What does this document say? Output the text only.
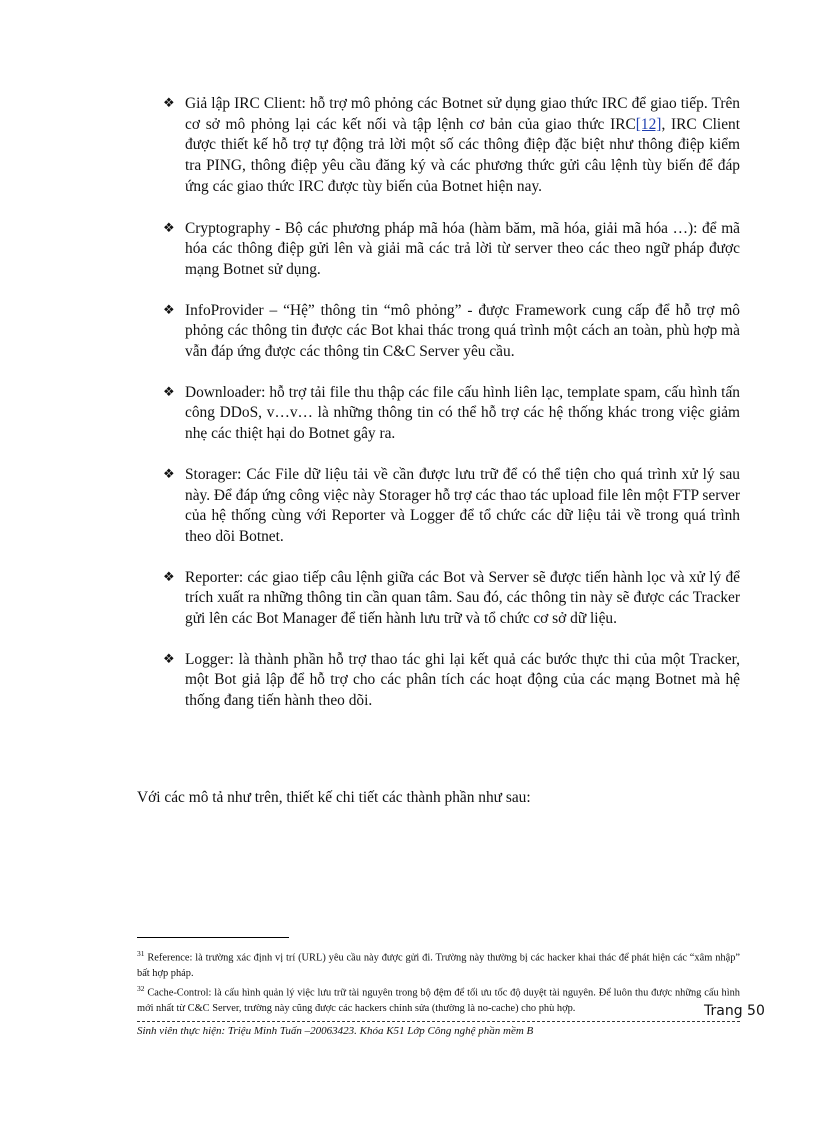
❖ Giả lập IRC Client: hỗ trợ mô phỏng các Botnet sử dụng giao thức IRC để giao tiếp. Trên cơ sở mô phỏng lại các kết nối và tập lệnh cơ bản của giao thức IRC[12], IRC Client được thiết kế hỗ trợ tự động trả lời một số các thông điệp đặc biệt như thông điệp kiểm tra PING, thông điệp yêu cầu đăng ký và các phương thức gửi câu lệnh tùy biến để đáp ứng các giao thức IRC được tùy biến của Botnet hiện nay.
❖ Cryptography - Bộ các phương pháp mã hóa (hàm băm, mã hóa, giải mã hóa …): để mã hóa các thông điệp gửi lên và giải mã các trả lời từ server theo các theo ngữ pháp được mạng Botnet sử dụng.
❖ InfoProvider – “Hệ” thông tin “mô phỏng” - được Framework cung cấp để hỗ trợ mô phỏng các thông tin được các Bot khai thác trong quá trình một cách an toàn, phù hợp mà vẫn đáp ứng được các thông tin C&C Server yêu cầu.
❖ Downloader: hỗ trợ tải file thu thập các file cấu hình liên lạc, template spam, cấu hình tấn công DDoS, v…v… là những thông tin có thể hỗ trợ các hệ thống khác trong việc giảm nhẹ các thiệt hại do Botnet gây ra.
❖ Storager: Các File dữ liệu tải về cần được lưu trữ để có thể tiện cho quá trình xử lý sau này. Để đáp ứng công việc này Storager hỗ trợ các thao tác upload file lên một FTP server của hệ thống cùng với Reporter và Logger để tổ chức các dữ liệu tải về trong quá trình theo dõi Botnet.
❖ Reporter: các giao tiếp câu lệnh giữa các Bot và Server sẽ được tiến hành lọc và xử lý để trích xuất ra những thông tin cần quan tâm. Sau đó, các thông tin này sẽ được các Tracker gửi lên các Bot Manager để tiến hành lưu trữ và tổ chức cơ sở dữ liệu.
❖ Logger: là thành phần hỗ trợ thao tác ghi lại kết quả các bước thực thi của một Tracker, một Bot giả lập để hỗ trợ cho các phân tích các hoạt động của các mạng Botnet mà hệ thống đang tiến hành theo dõi.

Với các mô tả như trên, thiết kế chi tiết các thành phần như sau:

$^{31}$ Reference: là trường xác định vị trí (URL) yêu cầu này được gửi đi. Trường này thường bị các hacker khai thác để phát hiện các “xâm nhập” bất hợp pháp.

$^{32}$ Cache-Control: là cấu hình quản lý việc lưu trữ tài nguyên trong bộ đệm để tối ưu tốc độ duyệt tài nguyên. Để luôn thu được những cấu hình mới nhất từ C&C Server, trường này cũng được các hackers chỉnh sửa (thường là no-cache) cho phù hợp.	Trang 50
Sinh viên thực hiện: Triệu Minh Tuấn –20063423. Khóa K51 Lớp Công nghệ phần mềm B
